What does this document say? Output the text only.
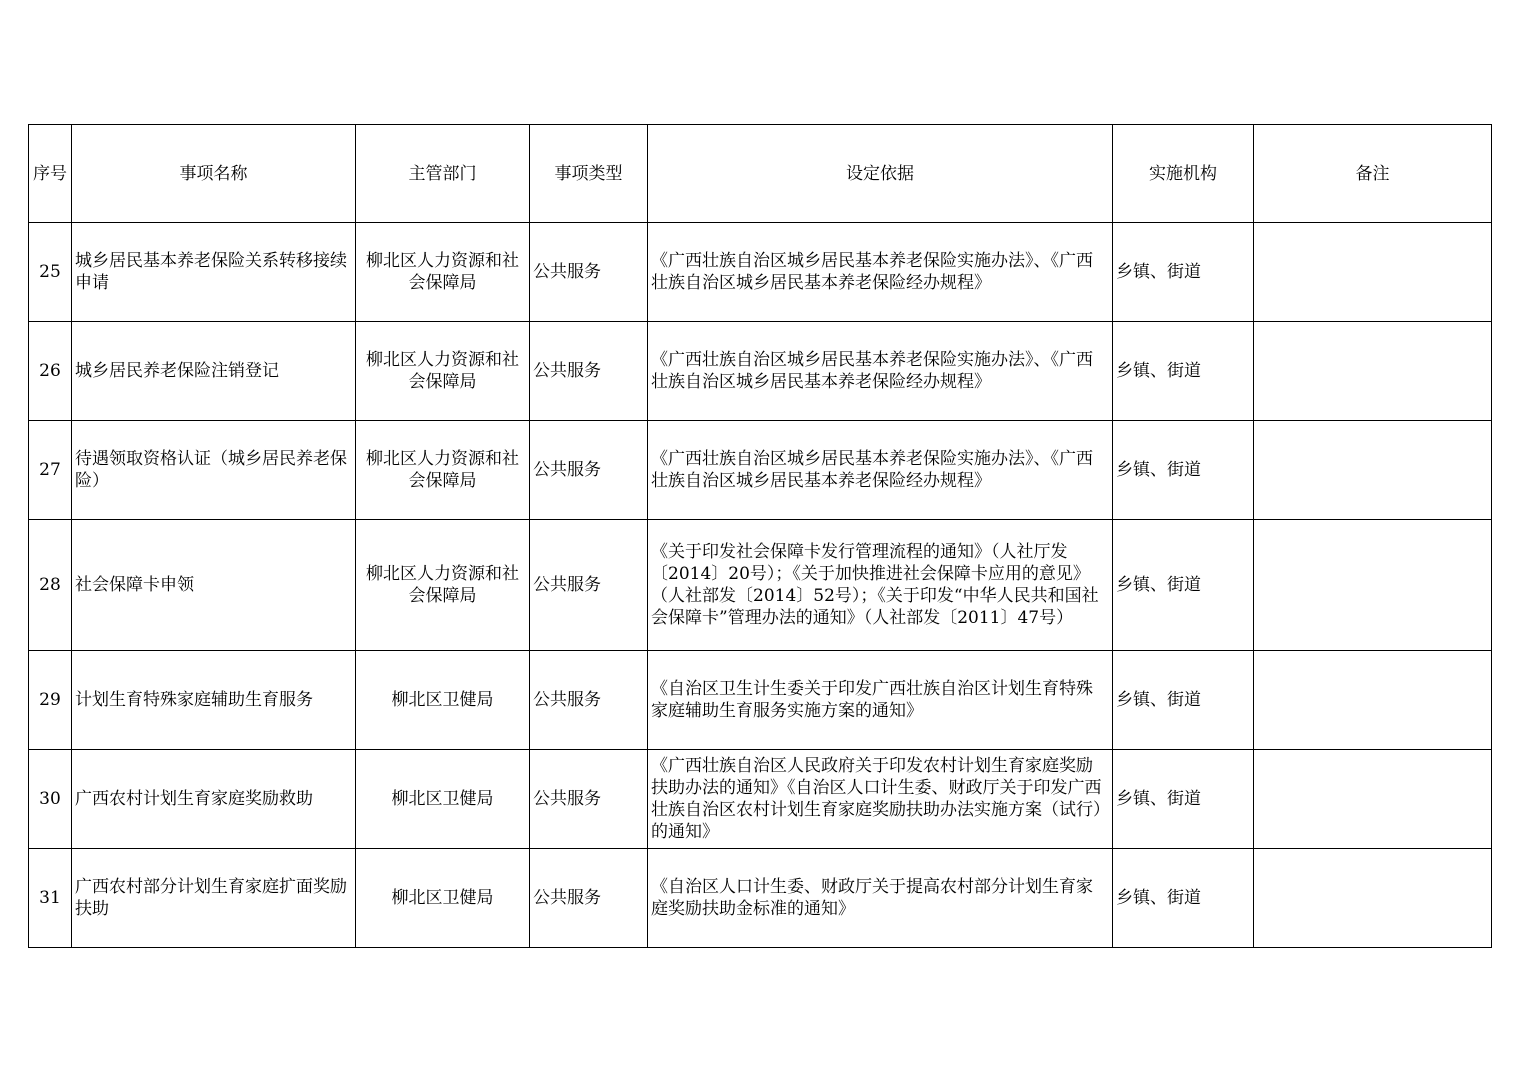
序号	事项名称	主管部门	事项类型	设定依据	实施机构	备注
25	城乡居民基本养老保险关系转移接续申请	柳北区人力资源和社会保障局	公共服务	《广西壮族自治区城乡居民基本养老保险实施办法》、《广西壮族自治区城乡居民基本养老保险经办规程》	乡镇、街道	
26	城乡居民养老保险注销登记	柳北区人力资源和社会保障局	公共服务	《广西壮族自治区城乡居民基本养老保险实施办法》、《广西壮族自治区城乡居民基本养老保险经办规程》	乡镇、街道	
27	待遇领取资格认证（城乡居民养老保险）	柳北区人力资源和社会保障局	公共服务	《广西壮族自治区城乡居民基本养老保险实施办法》、《广西壮族自治区城乡居民基本养老保险经办规程》	乡镇、街道	
28	社会保障卡申领	柳北区人力资源和社会保障局	公共服务	《关于印发社会保障卡发行管理流程的通知》（人社厅发〔2014〕20号）；《关于加快推进社会保障卡应用的意见》（人社部发〔2014〕52号）；《关于印发“中华人民共和国社会保障卡”管理办法的通知》（人社部发〔2011〕47号）	乡镇、街道	
29	计划生育特殊家庭辅助生育服务	柳北区卫健局	公共服务	《自治区卫生计生委关于印发广西壮族自治区计划生育特殊家庭辅助生育服务实施方案的通知》	乡镇、街道	
30	广西农村计划生育家庭奖励救助	柳北区卫健局	公共服务	《广西壮族自治区人民政府关于印发农村计划生育家庭奖励扶助办法的通知》《自治区人口计生委、财政厅关于印发广西壮族自治区农村计划生育家庭奖励扶助办法实施方案（试行）的通知》	乡镇、街道	
31	广西农村部分计划生育家庭扩面奖励扶助	柳北区卫健局	公共服务	《自治区人口计生委、财政厅关于提高农村部分计划生育家庭奖励扶助金标准的通知》	乡镇、街道	
